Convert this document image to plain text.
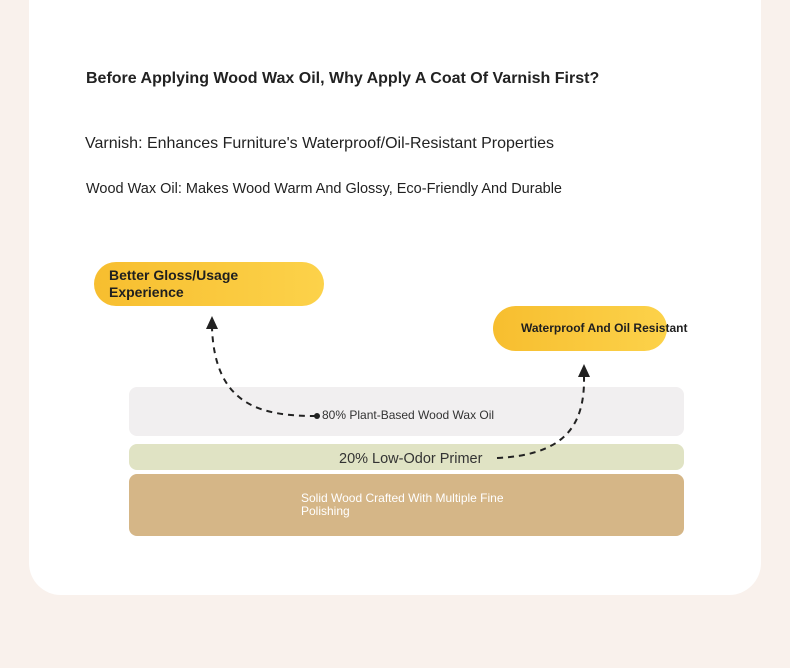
Before Applying Wood Wax Oil, Why Apply A Coat Of Varnish First?
Varnish: Enhances Furniture's Waterproof/Oil-Resistant Properties
Wood Wax Oil: Makes Wood Warm And Glossy, Eco-Friendly And Durable
Better Gloss/Usage Experience
Waterproof And Oil Resistant
80% Plant-Based Wood Wax Oil
20% Low-Odor Primer
Solid Wood Crafted With Multiple Fine Polishing
